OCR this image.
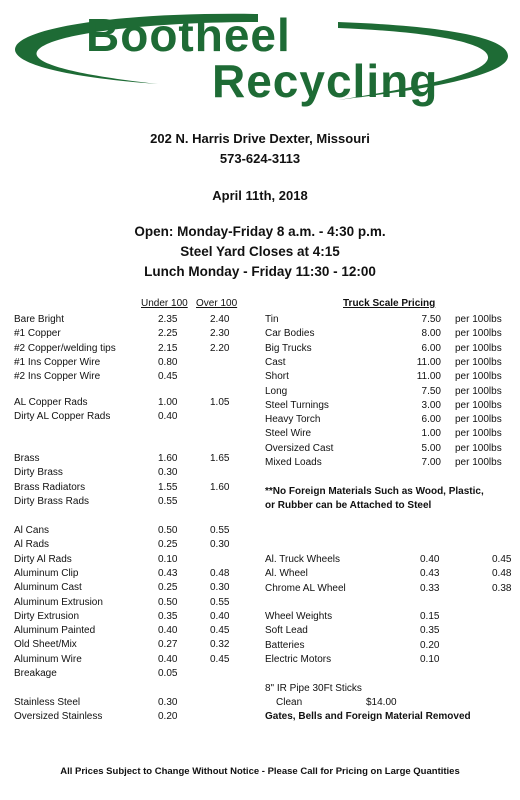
Bootheel
Recycling
202 N. Harris Drive Dexter, Missouri
573-624-3113
April 11th, 2018
Open: Monday-Friday 8 a.m. - 4:30 p.m.
Steel Yard Closes at 4:15
Lunch Monday - Friday 11:30 - 12:00
Under 100 Over 100
Bare Bright	2.35	2.40
#1 Copper	2.25	2.30
#2 Copper/welding tips	2.15	2.20
#1 Ins Copper Wire	0.80
#2 Ins Copper Wire	0.45
AL Copper Rads	1.00	1.05
Dirty AL Copper Rads	0.40
Brass	1.60	1.65
Dirty Brass	0.30
Brass Radiators	1.55	1.60
Dirty Brass Rads	0.55
Al Cans	0.50	0.55
Al Rads	0.25	0.30
Dirty Al Rads	0.10
Aluminum Clip	0.43	0.48
Aluminum Cast	0.25	0.30
Aluminum Extrusion	0.50	0.55
Dirty Extrusion	0.35	0.40
Aluminum Painted	0.40	0.45
Old Sheet/Mix	0.27	0.32
Aluminum Wire	0.40	0.45
Breakage	0.05
Stainless Steel	0.30
Oversized Stainless	0.20
Truck Scale Pricing
Tin	7.50 per 100lbs
Car Bodies	8.00 per 100lbs
Big Trucks	6.00 per 100lbs
Cast	11.00 per 100lbs
Short	11.00 per 100lbs
Long	7.50 per 100lbs
Steel Turnings	3.00 per 100lbs
Heavy Torch	6.00 per 100lbs
Steel Wire	1.00 per 100lbs
Oversized Cast	5.00 per 100lbs
Mixed Loads	7.00 per 100lbs
**No Foreign Materials Such as Wood, Plastic,
or Rubber can be Attached to Steel
Al. Truck Wheels	0.40	0.45
Al. Wheel	0.43	0.48
Chrome AL Wheel	0.33	0.38
Wheel Weights	0.15
Soft Lead	0.35
Batteries	0.20
Electric Motors	0.10
8" IR Pipe 30Ft Sticks
Clean	$14.00
Gates, Bells and Foreign Material Removed
All Prices Subject to Change Without Notice - Please Call for Pricing on Large Quantities
